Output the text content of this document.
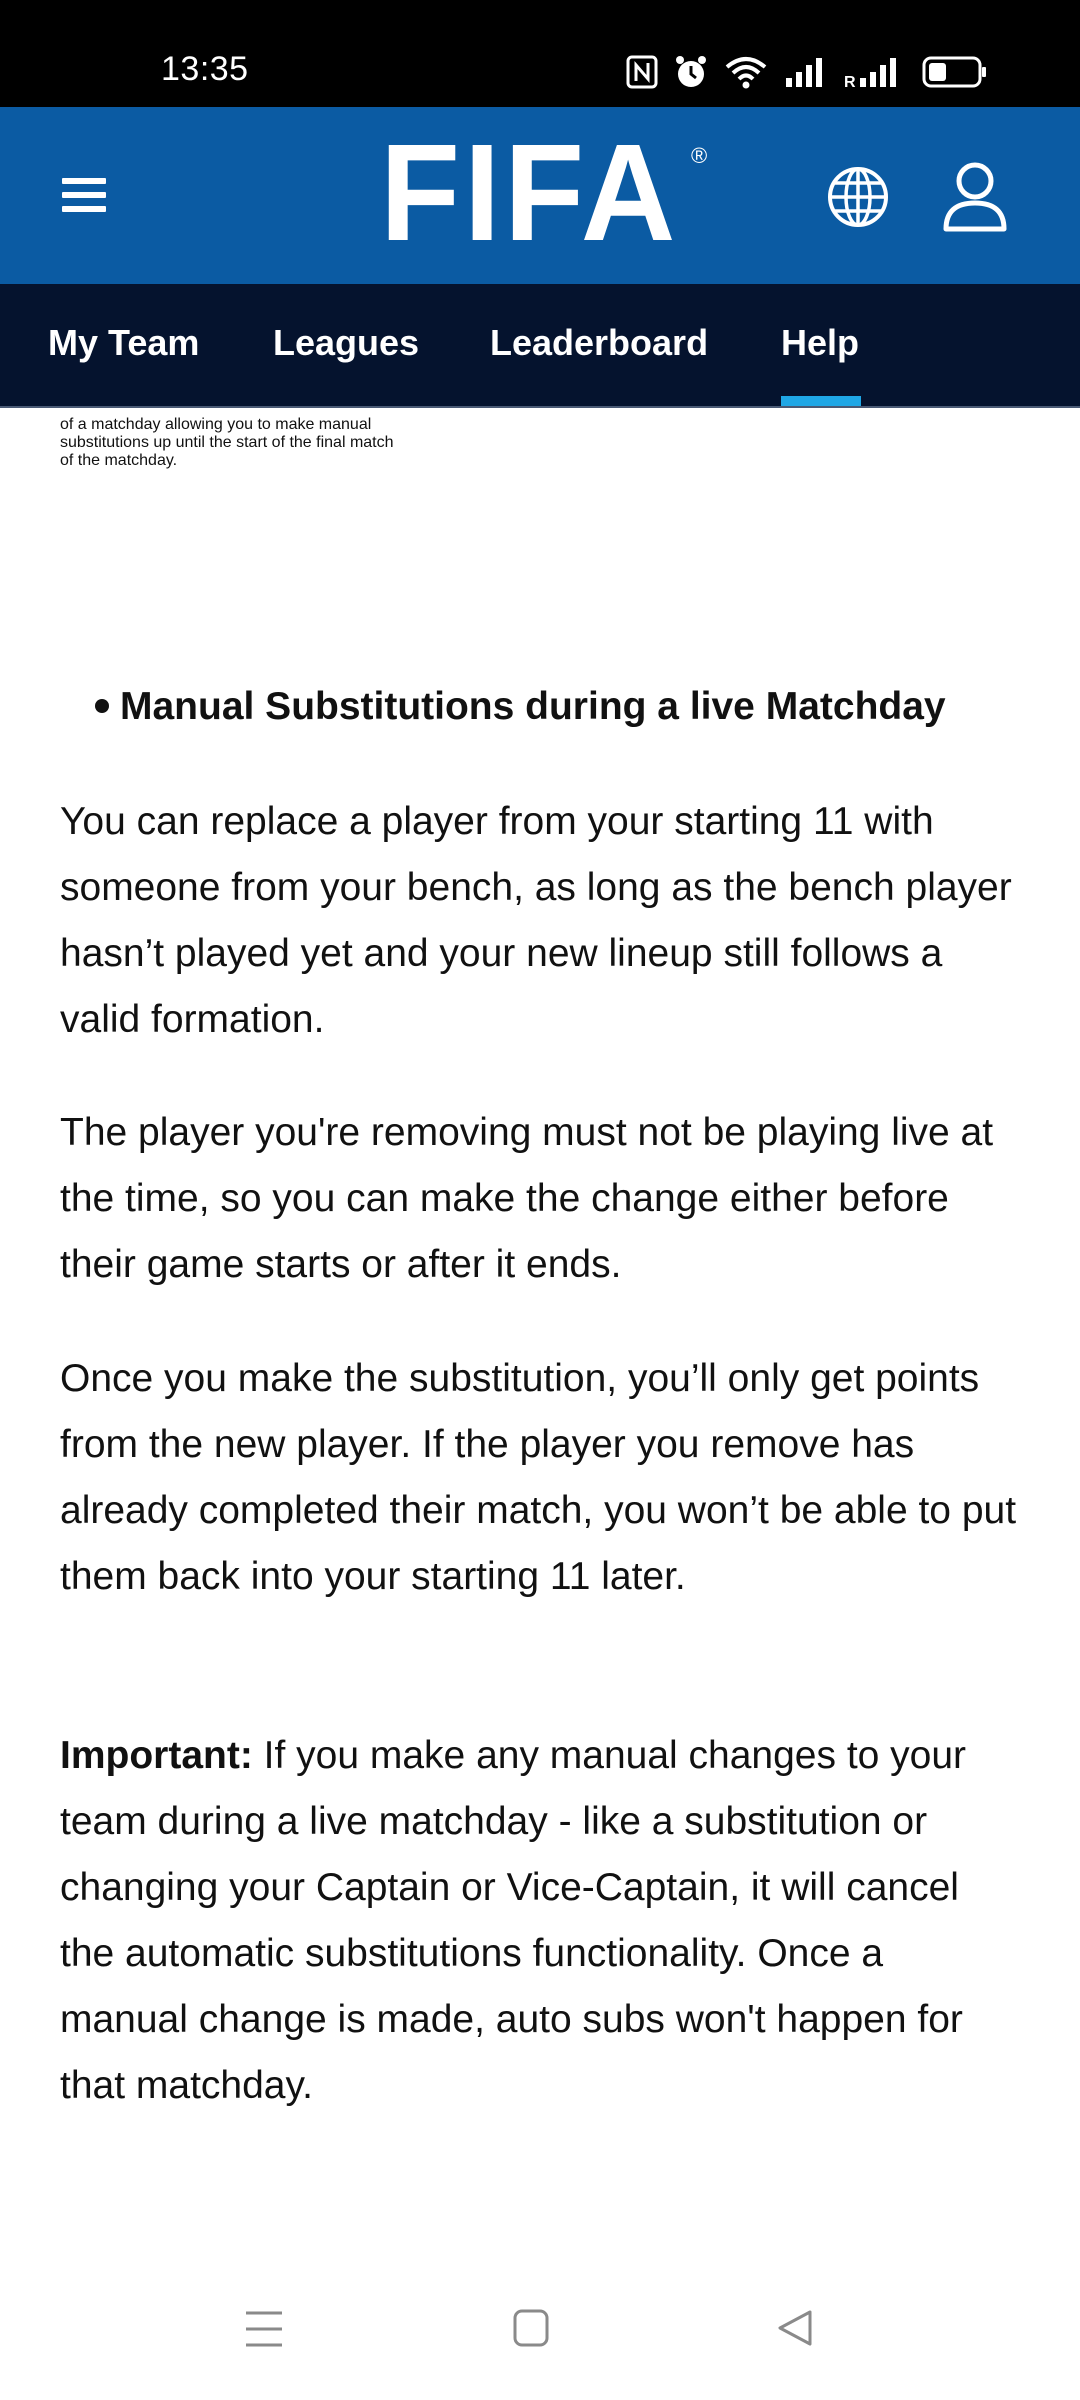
13:35	R
FIFA ®
My Team Leagues Leaderboard Help
of a matchday allowing you to make manual
substitutions up until the start of the final match
of the matchday.
Manual Substitutions during a live Matchday
You can replace a player from your starting 11 with someone from your bench, as long as the bench player hasn’t played yet and your new lineup still follows a valid formation.
The player you're removing must not be playing live at the time, so you can make the change either before their game starts or after it ends.
Once you make the substitution, you’ll only get points from the new player. If the player you remove has already completed their match, you won’t be able to put them back into your starting 11 later.
Important: If you make any manual changes to your team during a live matchday - like a substitution or changing your Captain or Vice-Captain, it will cancel the automatic substitutions functionality. Once a manual change is made, auto subs won't happen for that matchday.
